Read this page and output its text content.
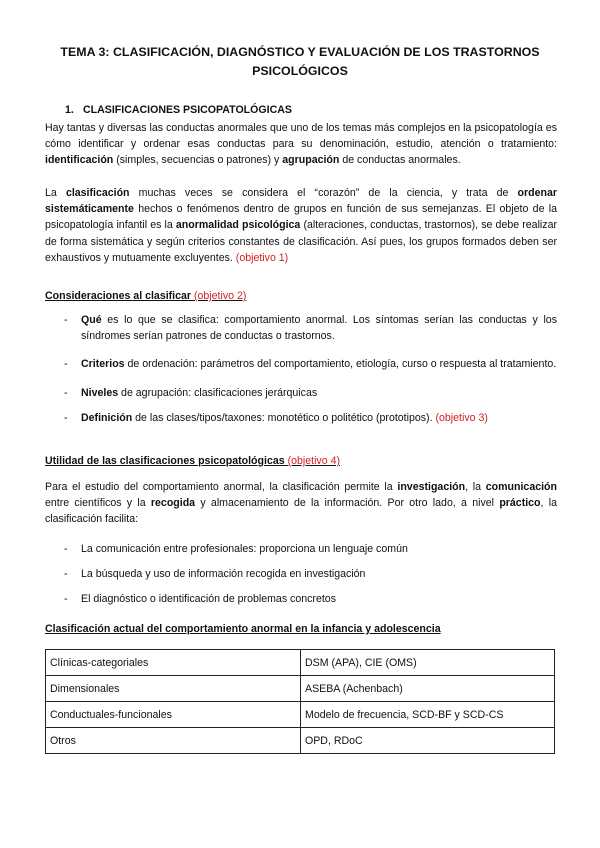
TEMA 3: CLASIFICACIÓN, DIAGNÓSTICO Y EVALUACIÓN DE LOS TRASTORNOS
PSICOLÓGICOS
1. CLASIFICACIONES PSICOPATOLÓGICAS

Hay tantas y diversas las conductas anormales que uno de los temas más complejos en la psicopatología es cómo identificar y ordenar esas conductas para su denominación, estudio, atención o tratamiento: identificación (simples, secuencias o patrones) y agrupación de conductas anormales.

La clasificación muchas veces se considera el “corazón” de la ciencia, y trata de ordenar sistemáticamente hechos o fenómenos dentro de grupos en función de sus semejanzas. El objeto de la psicopatología infantil es la anormalidad psicológica (alteraciones, conductas, trastornos), se debe realizar de forma sistemática y según criterios constantes de clasificación. Así pues, los grupos formados deben ser exhaustivos y mutuamente excluyentes. (objetivo 1)

Consideraciones al clasificar (objetivo 2)
- Qué es lo que se clasifica: comportamiento anormal. Los síntomas serían las conductas y los síndromes serían patrones de conductas o trastornos.
- Criterios de ordenación: parámetros del comportamiento, etiología, curso o respuesta al tratamiento.
- Niveles de agrupación: clasificaciones jerárquicas
- Definición de las clases/tipos/taxones: monotético o politético (prototipos). (objetivo 3)
Utilidad de las clasificaciones psicopatológicas (objetivo 4)

Para el estudio del comportamiento anormal, la clasificación permite la investigación, la comunicación entre científicos y la recogida y almacenamiento de la información. Por otro lado, a nivel práctico, la clasificación facilita:

- La comunicación entre profesionales: proporciona un lenguaje común
- La búsqueda y uso de información recogida en investigación
- El diagnóstico o identificación de problemas concretos
Clasificación actual del comportamiento anormal en la infancia y adolescencia
Clínicas-categoriales	DSM (APA), CIE (OMS)
Dimensionales	ASEBA (Achenbach)
Conductuales-funcionales	Modelo de frecuencia, SCD-BF y SCD-CS
Otros	OPD, RDoC
